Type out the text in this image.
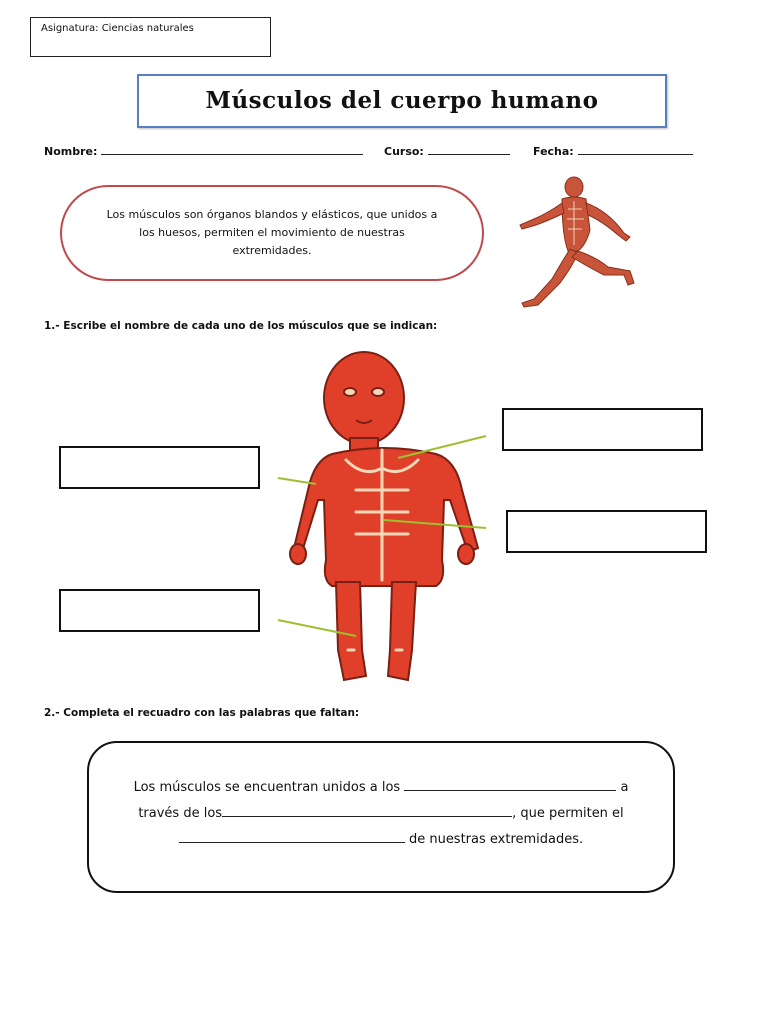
Asignatura: Ciencias naturales
Músculos del cuerpo humano
Nombre:	Curso:	Fecha:
Los músculos son órganos blandos y elásticos, que unidos a los huesos, permiten el movimiento de nuestras extremidades.
1.- Escribe el nombre de cada uno de los músculos que se indican:
2.- Completa el recuadro con las palabras que faltan:
Los músculos se encuentran unidos a los	a
través de los	, que permiten el
de nuestras extremidades.
